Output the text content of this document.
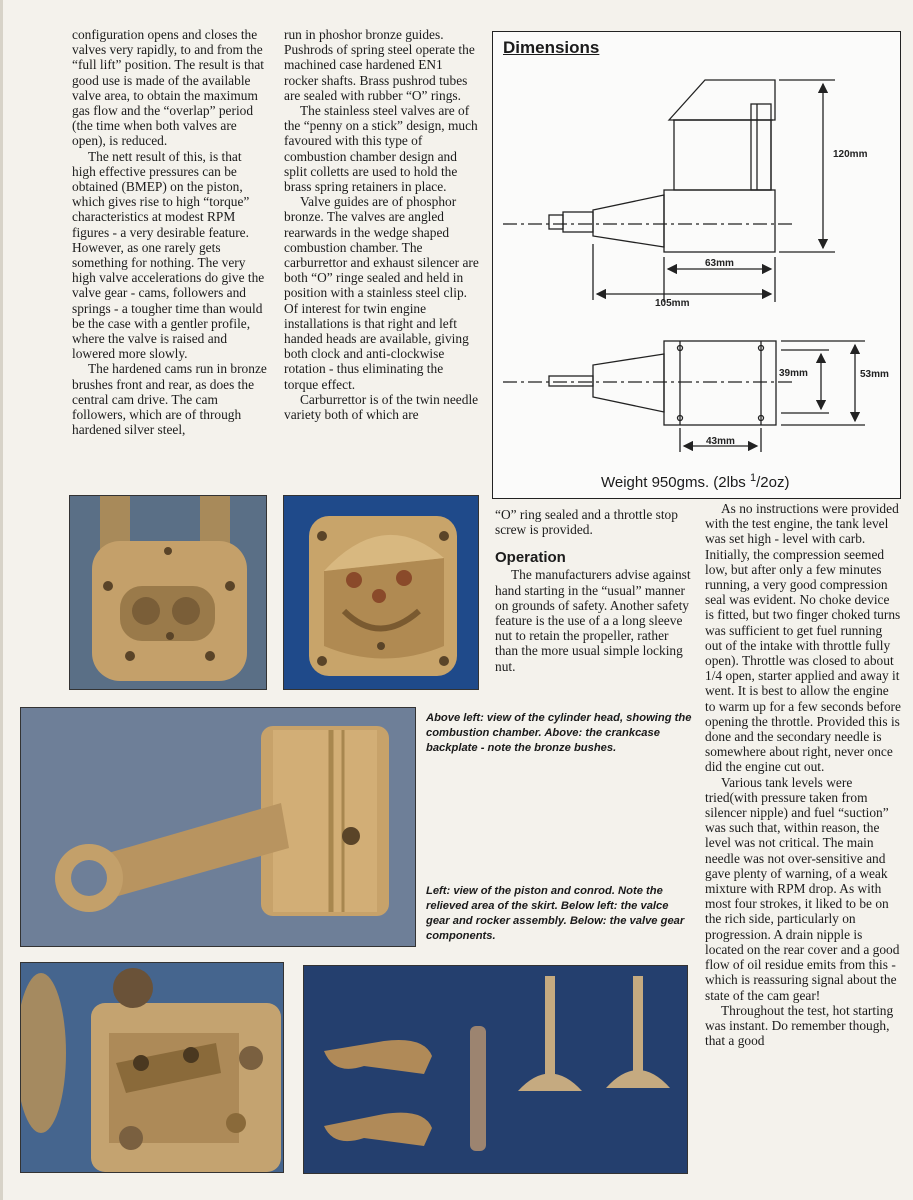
configuration opens and closes the valves very rapidly, to and from the “full lift” position. The result is that good use is made of the available valve area, to obtain the maximum gas flow and the “overlap” period (the time when both valves are open), is reduced.

The nett result of this, is that high effective pressures can be obtained (BMEP) on the piston, which gives rise to high “torque” characteristics at modest RPM figures - a very desirable feature. However, as one rarely gets something for nothing. The very high valve accelerations do give the valve gear - cams, followers and springs - a tougher time than would be the case with a gentler profile, where the valve is raised and lowered more slowly.

The hardened cams run in bronze brushes front and rear, as does the central cam drive. The cam followers, which are of through hardened silver steel,

run in phoshor bronze guides. Pushrods of spring steel operate the machined case hardened EN1 rocker shafts. Brass pushrod tubes are sealed with rubber “O” rings.

The stainless steel valves are of the “penny on a stick” design, much favoured with this type of combustion chamber design and split colletts are used to hold the brass spring retainers in place.

Valve guides are of phosphor bronze. The valves are angled rearwards in the wedge shaped combustion chamber. The carburrettor and exhaust silencer are both “O” ringe sealed and held in position with a stainless steel clip. Of interest for twin engine installations is that right and left handed heads are available, giving both clock and anti-clockwise rotation - thus eliminating the torque effect.

Carburrettor is of the twin needle variety both of which are

Dimensions
120mm
63mm
105mm
39mm	53mm
43mm
Weight 950gms. (2lbs $^1$/2oz)

“O” ring sealed and a throttle stop screw is provided.

Operation

The manufacturers advise against hand starting in the “usual” manner on grounds of safety. Another safety feature is the use of a a long sleeve nut to retain the propeller, rather than the more usual simple locking nut.

As no instructions were provided with the test engine, the tank level was set high - level with carb. Initially, the compression seemed low, but after only a few minutes running, a very good compression seal was evident. No choke device is fitted, but two finger choked turns was sufficient to get fuel running out of the intake with throttle fully open). Throttle was closed to about 1/4 open, starter applied and away it went. It is best to allow the engine to warm up for a few seconds before opening the throttle. Provided this is done and the secondary needle is somewhere about right, never once did the engine cut out.

Various tank levels were tried(with pressure taken from silencer nipple) and fuel “suction” was such that, within reason, the level was not critical. The main needle was not over-sensitive and gave plenty of warning, of a weak mixture with RPM drop. As with most four strokes, it liked to be on the rich side, particularly on progression. A drain nipple is located on the rear cover and a good flow of oil residue emits from this - which is reassuring signal about the state of the cam gear!

Throughout the test, hot starting was instant. Do remember though, that a good

Above left: view of the cylinder head, showing the combustion chamber. Above: the crankcase backplate - note the bronze bushes.
Left: view of the piston and conrod. Note the relieved area of the skirt. Below left: the valce gear and rocker assembly. Below: the valve gear components.
